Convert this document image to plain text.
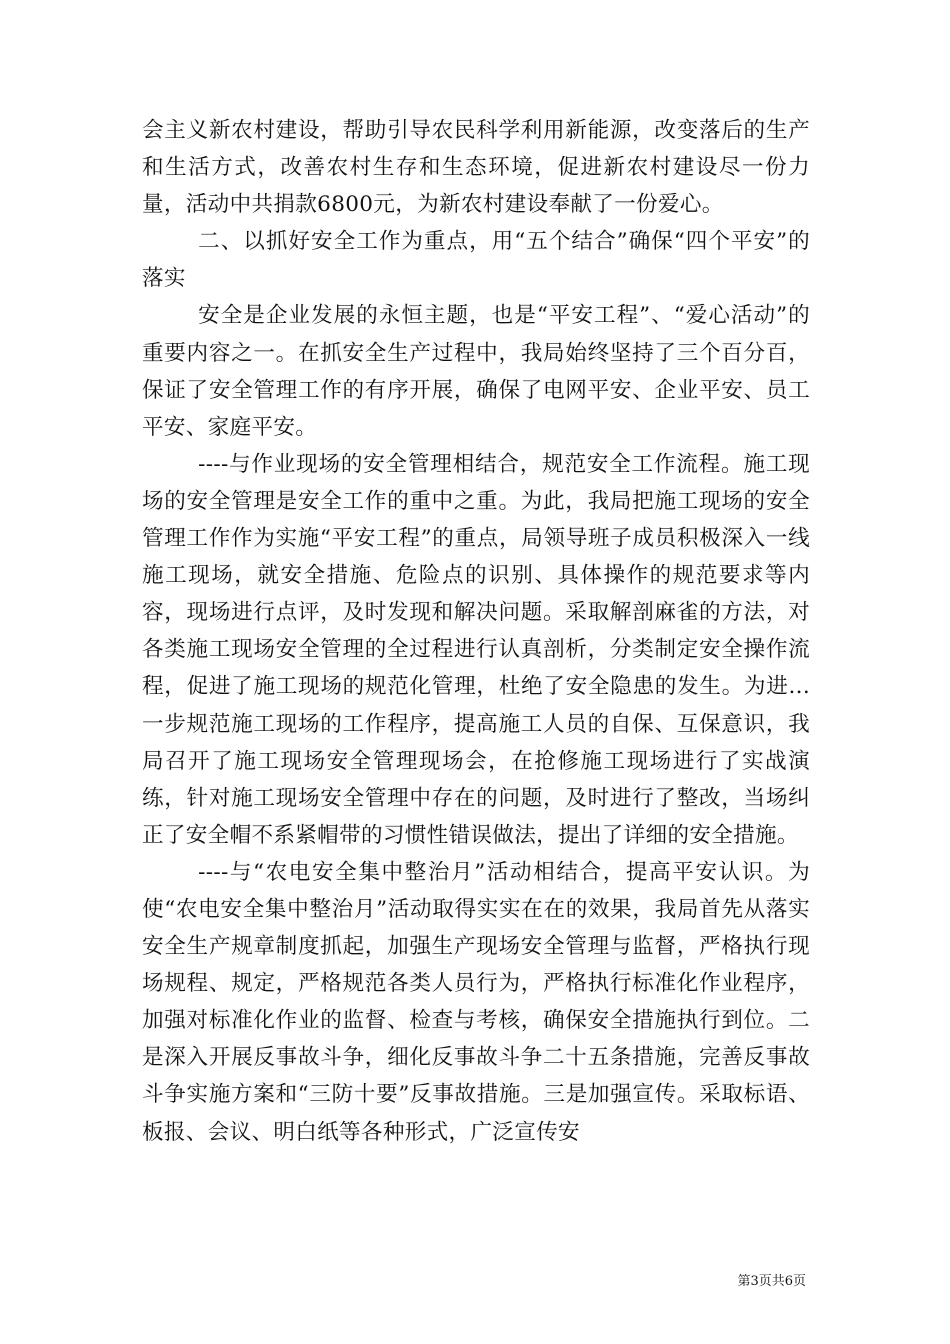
会主义新农村建设，帮助引导农民科学利用新能源，改变落后的生产和生活方式，改善农村生存和生态环境，促进新农村建设尽一份力量，活动中共捐款6800元，为新农村建设奉献了一份爱心。

二、以抓好安全工作为重点，用“五个结合”确保“四个平安”的落实

安全是企业发展的永恒主题，也是“平安工程”、“爱心活动”的重要内容之一。在抓安全生产过程中，我局始终坚持了三个百分百，保证了安全管理工作的有序开展，确保了电网平安、企业平安、员工平安、家庭平安。

----与作业现场的安全管理相结合，规范安全工作流程。施工现场的安全管理是安全工作的重中之重。为此，我局把施工现场的安全管理工作作为实施“平安工程”的重点，局领导班子成员积极深入一线施工现场，就安全措施、危险点的识别、具体操作的规范要求等内容，现场进行点评，及时发现和解决问题。采取解剖麻雀的方法，对各类施工现场安全管理的全过程进行认真剖析，分类制定安全操作流程，促进了施工现场的规范化管理，杜绝了安全隐患的发生。为进...一步规范施工现场的工作程序，提高施工人员的自保、互保意识，我局召开了施工现场安全管理现场会，在抢修施工现场进行了实战演练，针对施工现场安全管理中存在的问题，及时进行了整改，当场纠正了安全帽不系紧帽带的习惯性错误做法，提出了详细的安全措施。

----与“农电安全集中整治月”活动相结合，提高平安认识。为使“农电安全集中整治月”活动取得实实在在的效果，我局首先从落实安全生产规章制度抓起，加强生产现场安全管理与监督，严格执行现场规程、规定，严格规范各类人员行为，严格执行标准化作业程序，加强对标准化作业的监督、检查与考核，确保安全措施执行到位。二是深入开展反事故斗争，细化反事故斗争二十五条措施，完善反事故斗争实施方案和“三防十要”反事故措施。三是加强宣传。采取标语、板报、会议、明白纸等各种形式，广泛宣传安

第3页共6页
